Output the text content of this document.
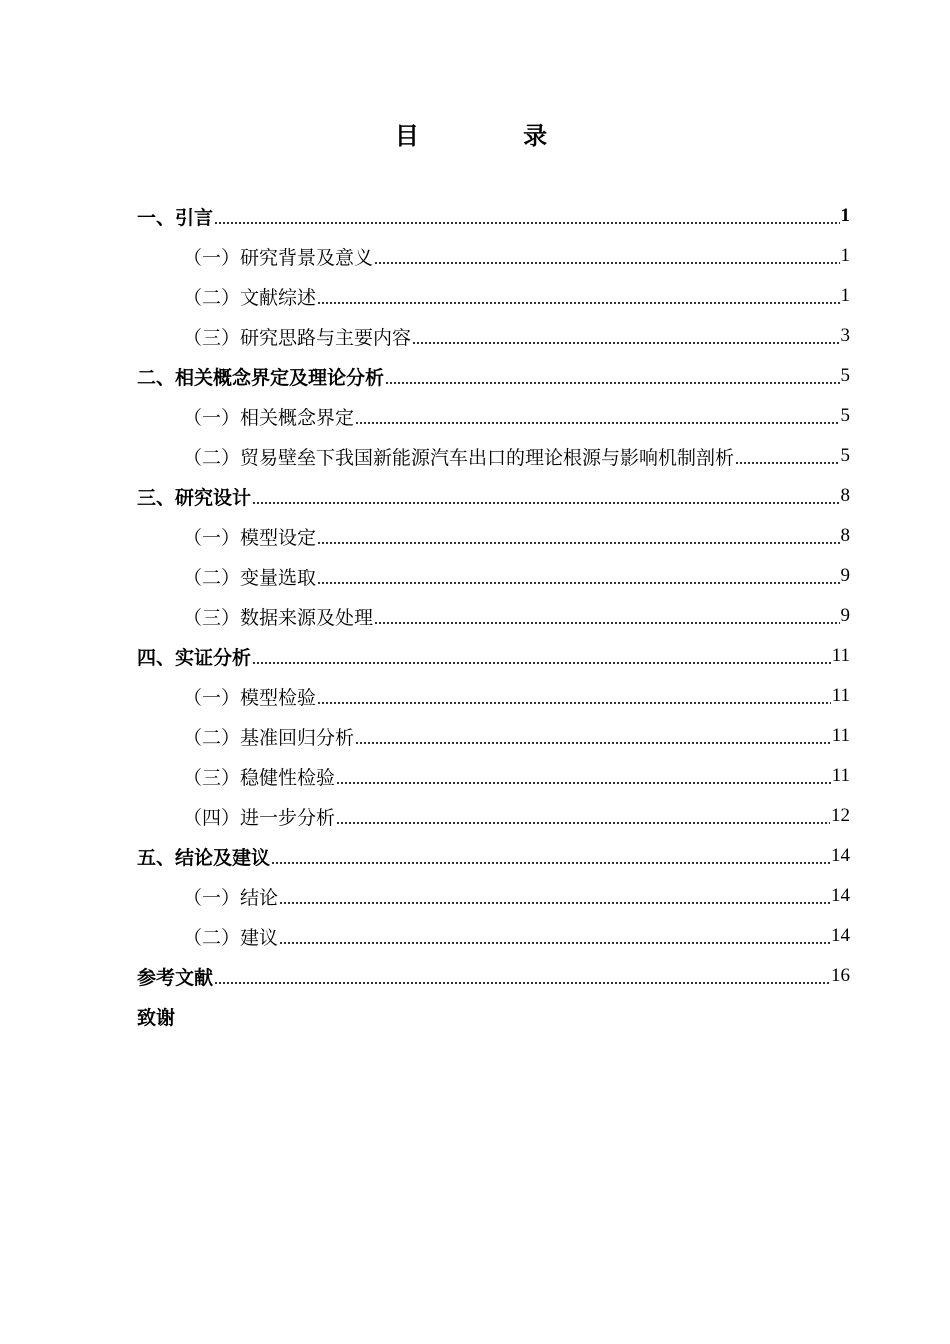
目 录
一、引言	1
（一）研究背景及意义	1
（二）文献综述	1
（三）研究思路与主要内容	3
二、相关概念界定及理论分析	5
（一）相关概念界定	5
（二）贸易壁垒下我国新能源汽车出口的理论根源与影响机制剖析	5
三、研究设计	8
（一）模型设定	8
（二）变量选取	9
（三）数据来源及处理	9
四、实证分析	11
（一）模型检验	11
（二）基准回归分析	11
（三）稳健性检验	11
（四）进一步分析	12
五、结论及建议	14
（一）结论	14
（二）建议	14
参考文献	16
致谢
